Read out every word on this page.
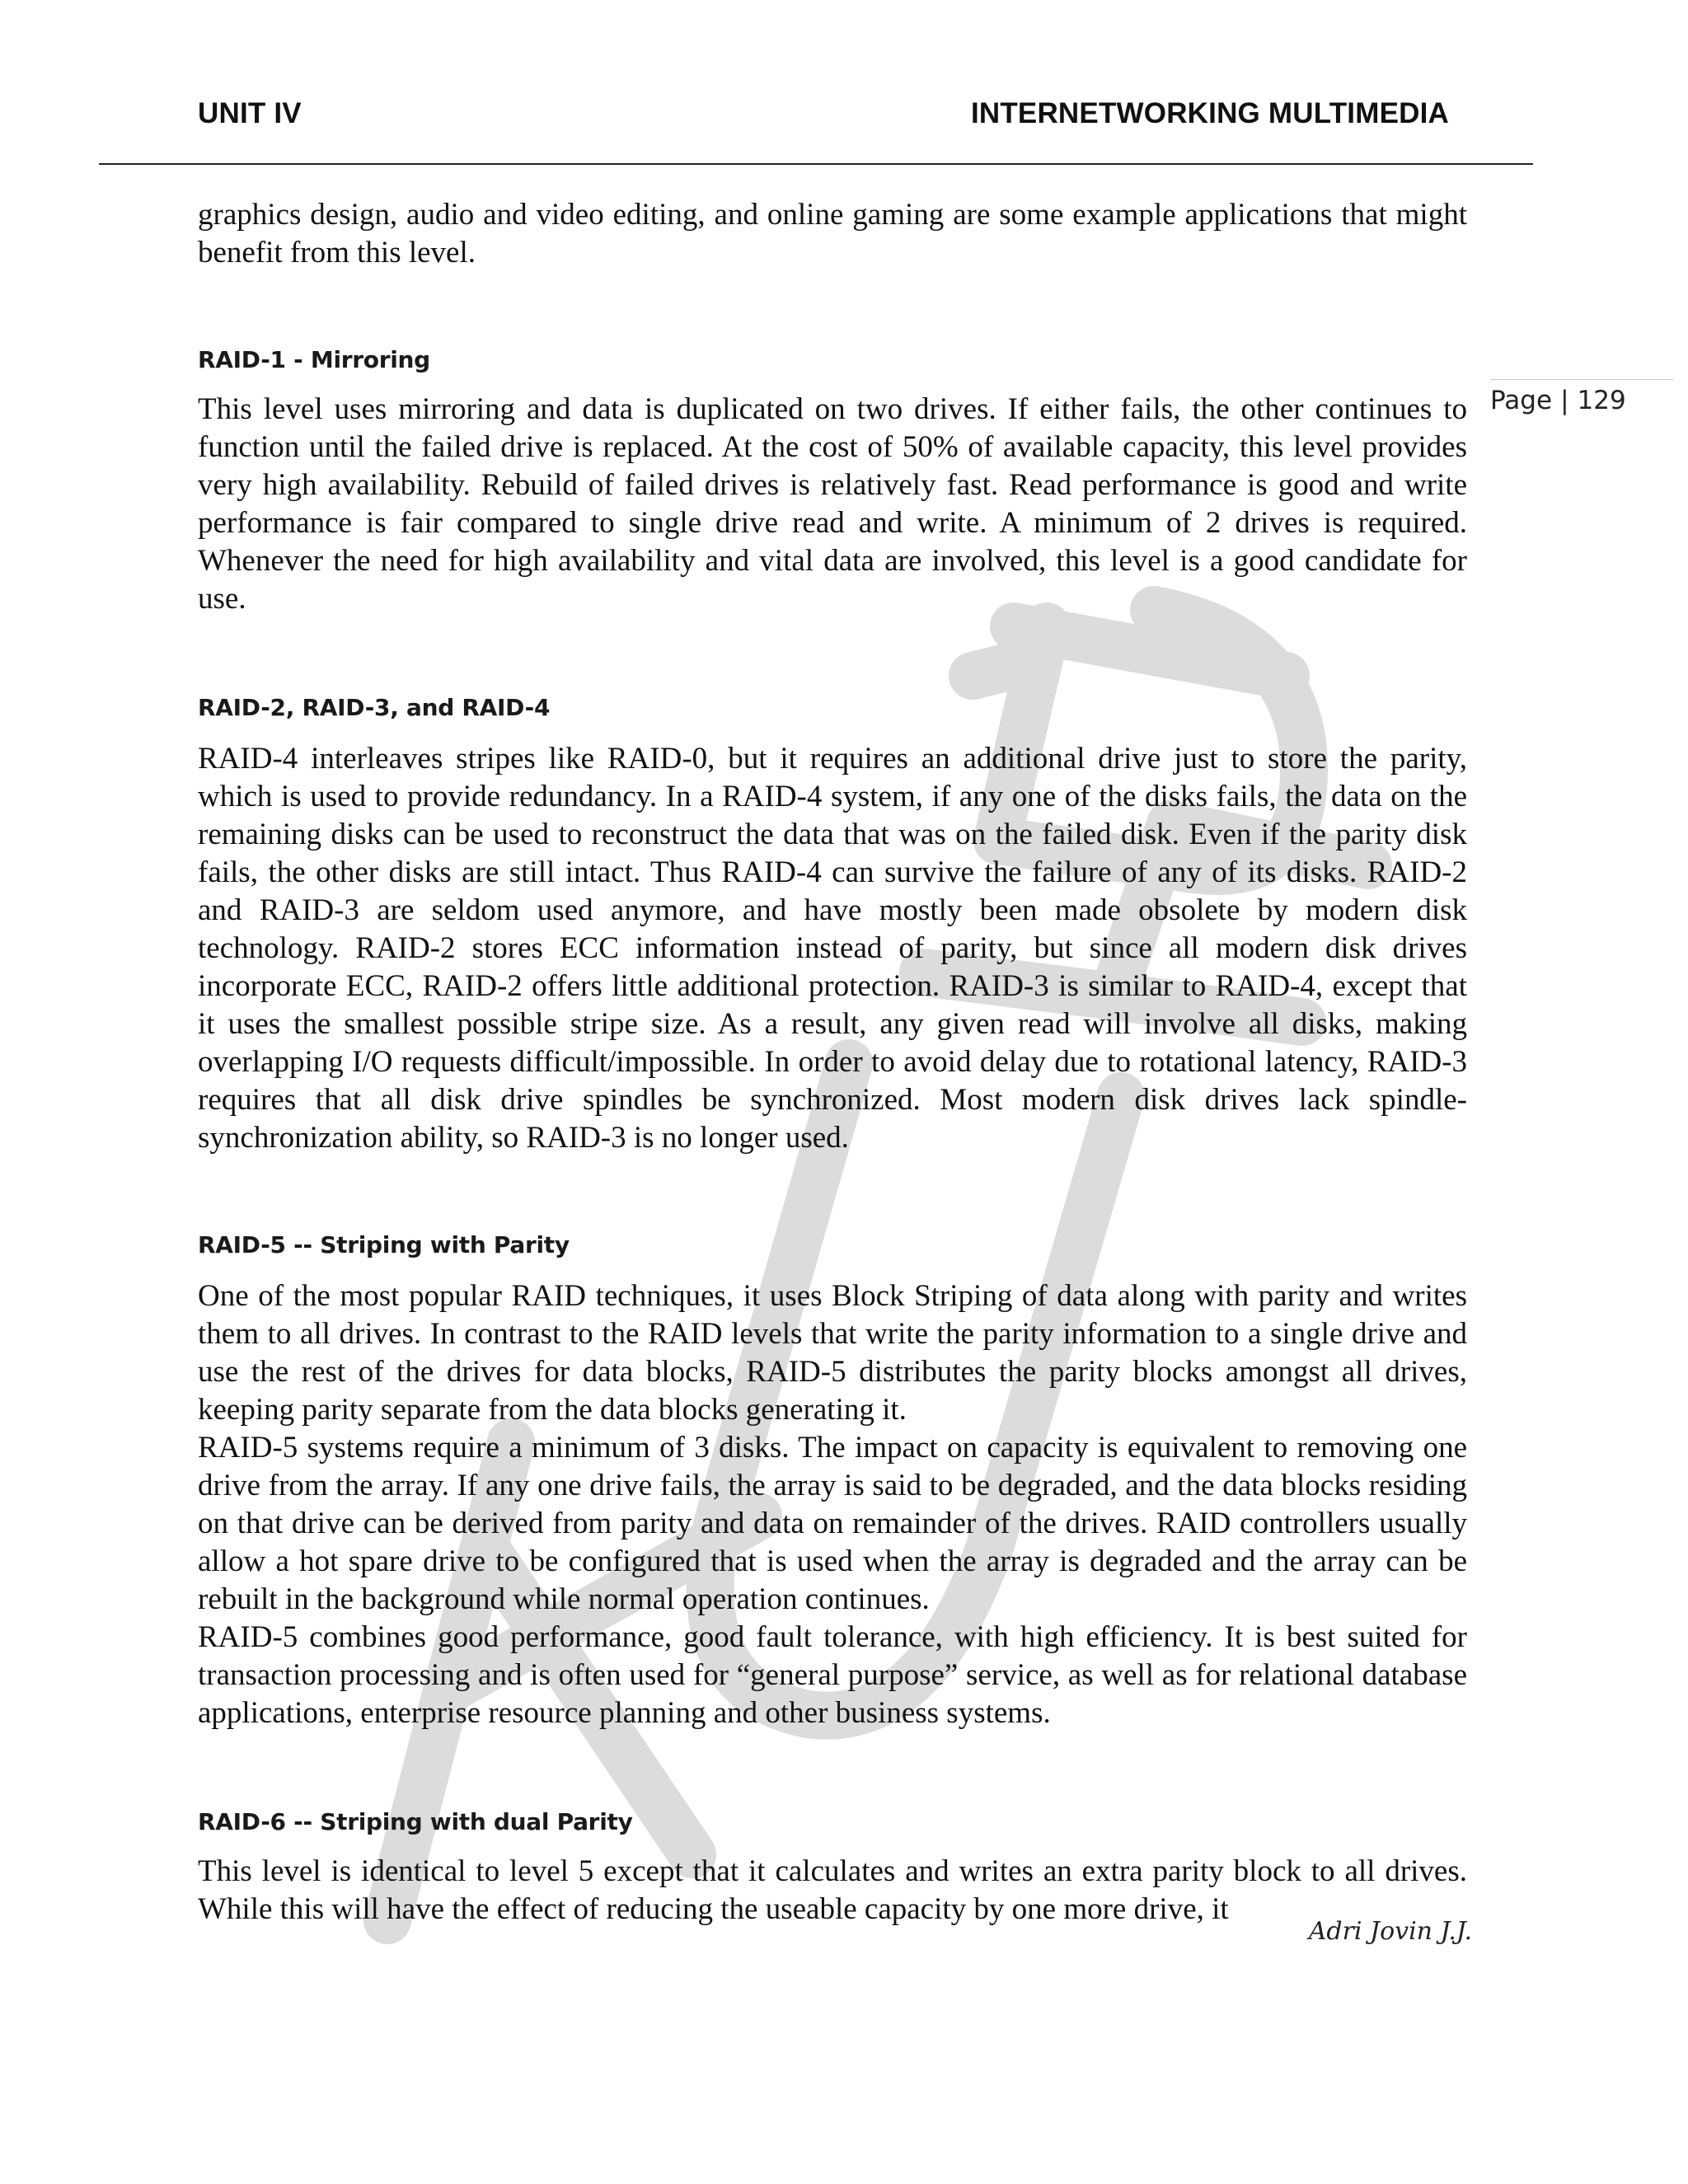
UNIT IV	INTERNETWORKING MULTIMEDIA
Page | 129

graphics design, audio and video editing, and online gaming are some example applications that might benefit from this level.

RAID-1 - Mirroring

This level uses mirroring and data is duplicated on two drives. If either fails, the other continues to function until the failed drive is replaced. At the cost of 50% of available capacity, this level provides very high availability. Rebuild of failed drives is relatively fast. Read performance is good and write performance is fair compared to single drive read and write. A minimum of 2 drives is required. Whenever the need for high availability and vital data are involved, this level is a good candidate for use.

RAID-2, RAID-3, and RAID-4

RAID-4 interleaves stripes like RAID-0, but it requires an additional drive just to store the parity, which is used to provide redundancy. In a RAID-4 system, if any one of the disks fails, the data on the remaining disks can be used to reconstruct the data that was on the failed disk. Even if the parity disk fails, the other disks are still intact. Thus RAID-4 can survive the failure of any of its disks. RAID-2 and RAID-3 are seldom used anymore, and have mostly been made obsolete by modern disk technology. RAID-2 stores ECC information instead of parity, but since all modern disk drives incorporate ECC, RAID-2 offers little additional protection. RAID-3 is similar to RAID-4, except that it uses the smallest possible stripe size. As a result, any given read will involve all disks, making overlapping I/O requests difficult/impossible. In order to avoid delay due to rotational latency, RAID-3 requires that all disk drive spindles be synchronized. Most modern disk drives lack spindle-synchronization ability, so RAID-3 is no longer used.

RAID-5 -- Striping with Parity

One of the most popular RAID techniques, it uses Block Striping of data along with parity and writes them to all drives. In contrast to the RAID levels that write the parity information to a single drive and use the rest of the drives for data blocks, RAID-5 distributes the parity blocks amongst all drives, keeping parity separate from the data blocks generating it.

RAID-5 systems require a minimum of 3 disks. The impact on capacity is equivalent to removing one drive from the array. If any one drive fails, the array is said to be degraded, and the data blocks residing on that drive can be derived from parity and data on remainder of the drives. RAID controllers usually allow a hot spare drive to be configured that is used when the array is degraded and the array can be rebuilt in the background while normal operation continues.

RAID-5 combines good performance, good fault tolerance, with high efficiency. It is best suited for transaction processing and is often used for “general purpose” service, as well as for relational database applications, enterprise resource planning and other business systems.

RAID-6 -- Striping with dual Parity

This level is identical to level 5 except that it calculates and writes an extra parity block to all drives. While this will have the effect of reducing the useable capacity by one more drive, it

Adri Jovin J.J.
